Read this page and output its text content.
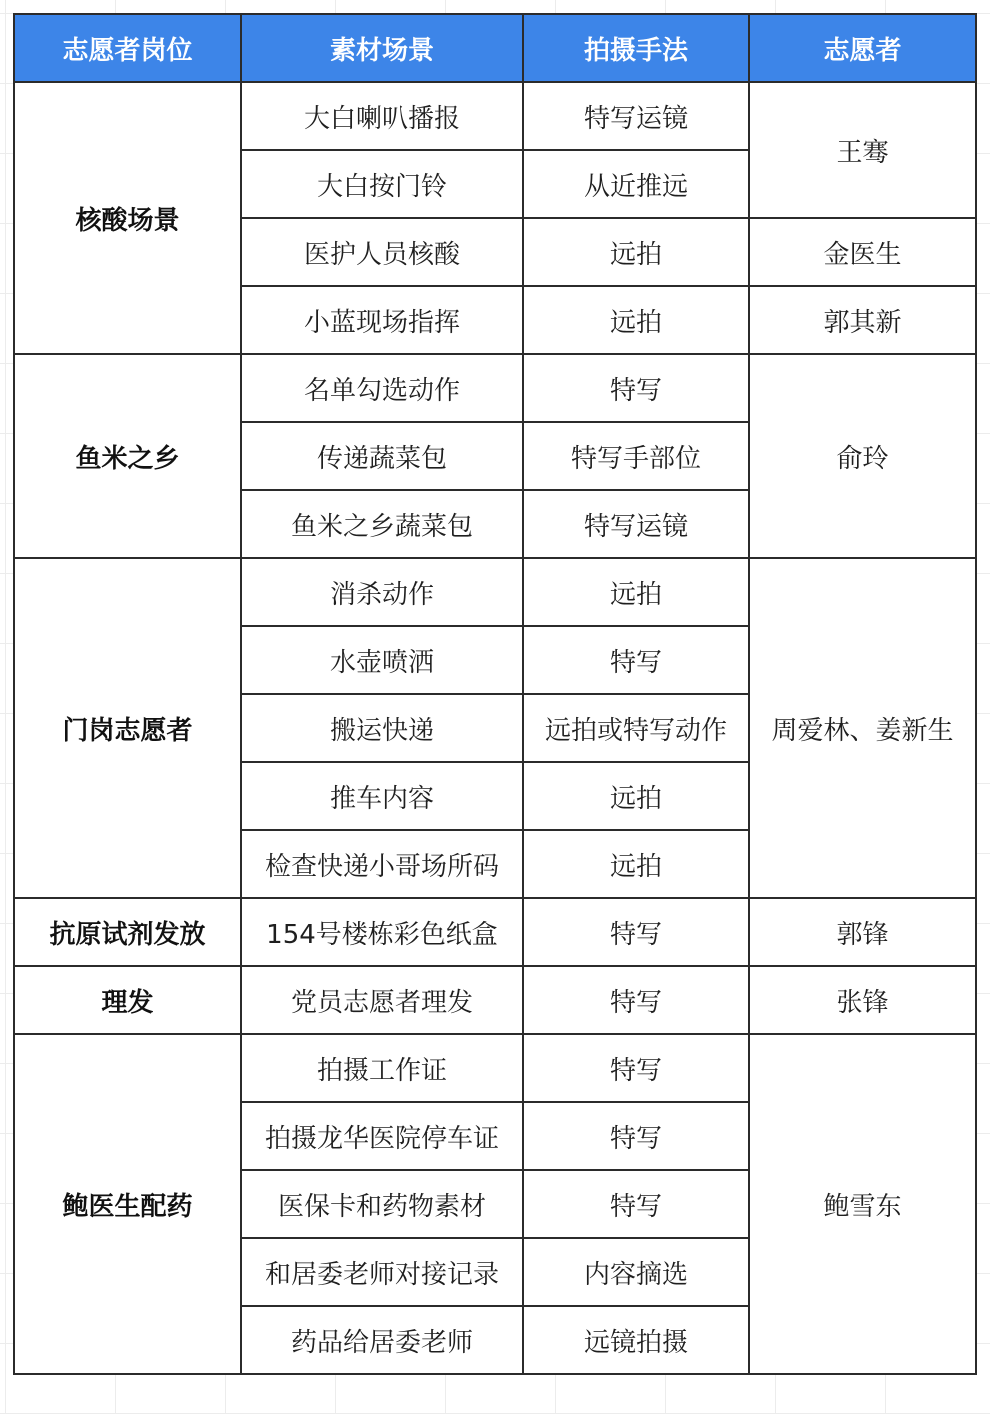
志愿者岗位	素材场景	拍摄手法	志愿者
核酸场景	大白喇叭播报	特写运镜	王骞
	大白按门铃	从近推远	
	医护人员核酸	远拍	金医生
	小蓝现场指挥	远拍	郭其新
鱼米之乡	名单勾选动作	特写	俞玲
	传递蔬菜包	特写手部位	
	鱼米之乡蔬菜包	特写运镜	
门岗志愿者	消杀动作	远拍	周爱林、姜新生
	水壶喷洒	特写	
	搬运快递	远拍或特写动作	
	推车内容	远拍	
	检查快递小哥场所码	远拍	
抗原试剂发放	154号楼栋彩色纸盒	特写	郭锋
理发	党员志愿者理发	特写	张锋
鲍医生配药	拍摄工作证	特写	鲍雪东
	拍摄龙华医院停车证	特写	
	医保卡和药物素材	特写	
	和居委老师对接记录	内容摘选	
	药品给居委老师	远镜拍摄	
